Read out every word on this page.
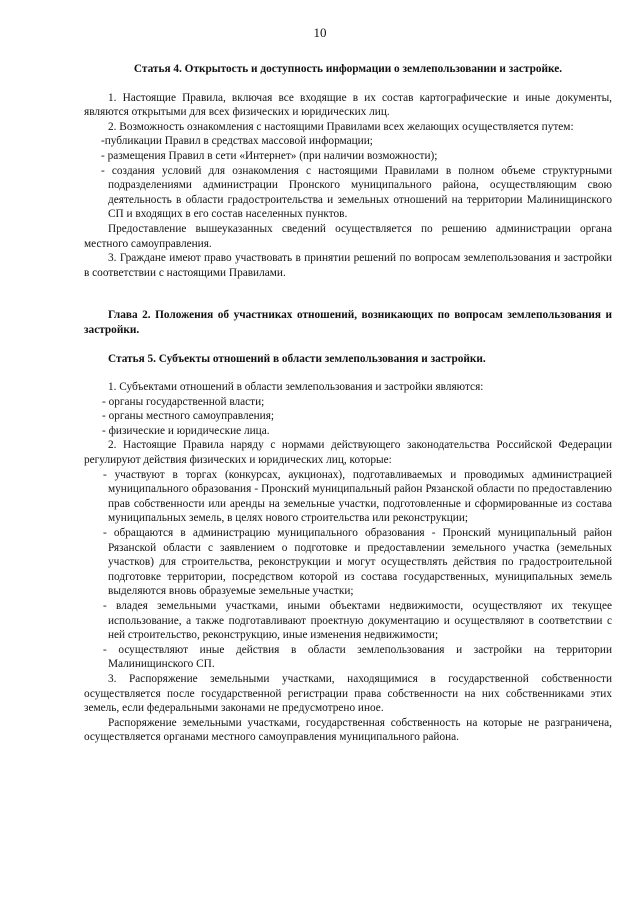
10
Статья 4. Открытость и доступность информации о землепользовании и застройке.

1. Настоящие Правила, включая все входящие в их состав картографические и иные документы, являются открытыми для всех физических и юридических лиц.

2. Возможность ознакомления с настоящими Правилами всех желающих осуществляется путем:

-публикации Правил в средствах массовой информации;
- размещения Правил в сети «Интернет» (при наличии возможности);
- создания условий для ознакомления с настоящими Правилами в полном объеме структурными подразделениями администрации Пронского муниципального района, осуществляющим свою деятельность в области градостроительства и земельных отношений на территории Малинищинского СП и входящих в его состав населенных пунктов.

Предоставление вышеуказанных сведений осуществляется по решению администрации органа местного самоуправления.

3. Граждане имеют право участвовать в принятии решений по вопросам землепользования и застройки в соответствии с настоящими Правилами.

Глава 2. Положения об участниках отношений, возникающих по вопросам землепользования и застройки.

Статья 5. Субъекты отношений в области землепользования и застройки.

1. Субъектами отношений в области землепользования и застройки являются:

- органы государственной власти;
- органы местного самоуправления;
- физические и юридические лица.

2. Настоящие Правила наряду с нормами действующего законодательства Российской Федерации регулируют действия физических и юридических лиц, которые:

- участвуют в торгах (конкурсах, аукционах), подготавливаемых и проводимых администрацией муниципального образования - Пронский муниципальный район Рязанской области по предоставлению прав собственности или аренды на земельные участки, подготовленные и сформированные из состава муниципальных земель, в целях нового строительства или реконструкции;
- обращаются в администрацию муниципального образования - Пронский муниципальный район Рязанской области с заявлением о подготовке и предоставлении земельного участка (земельных участков) для строительства, реконструкции и могут осуществлять действия по градостроительной подготовке территории, посредством которой из состава государственных, муниципальных земель выделяются вновь образуемые земельные участки;
- владея земельными участками, иными объектами недвижимости, осуществляют их текущее использование, а также подготавливают проектную документацию и осуществляют в соответствии с ней строительство, реконструкцию, иные изменения недвижимости;
- осуществляют иные действия в области землепользования и застройки на территории Малинищинского СП.

3. Распоряжение земельными участками, находящимися в государственной собственности осуществляется после государственной регистрации права собственности на них собственниками этих земель, если федеральными законами не предусмотрено иное.

Распоряжение земельными участками, государственная собственность на которые не разграничена, осуществляется органами местного самоуправления муниципального района.
